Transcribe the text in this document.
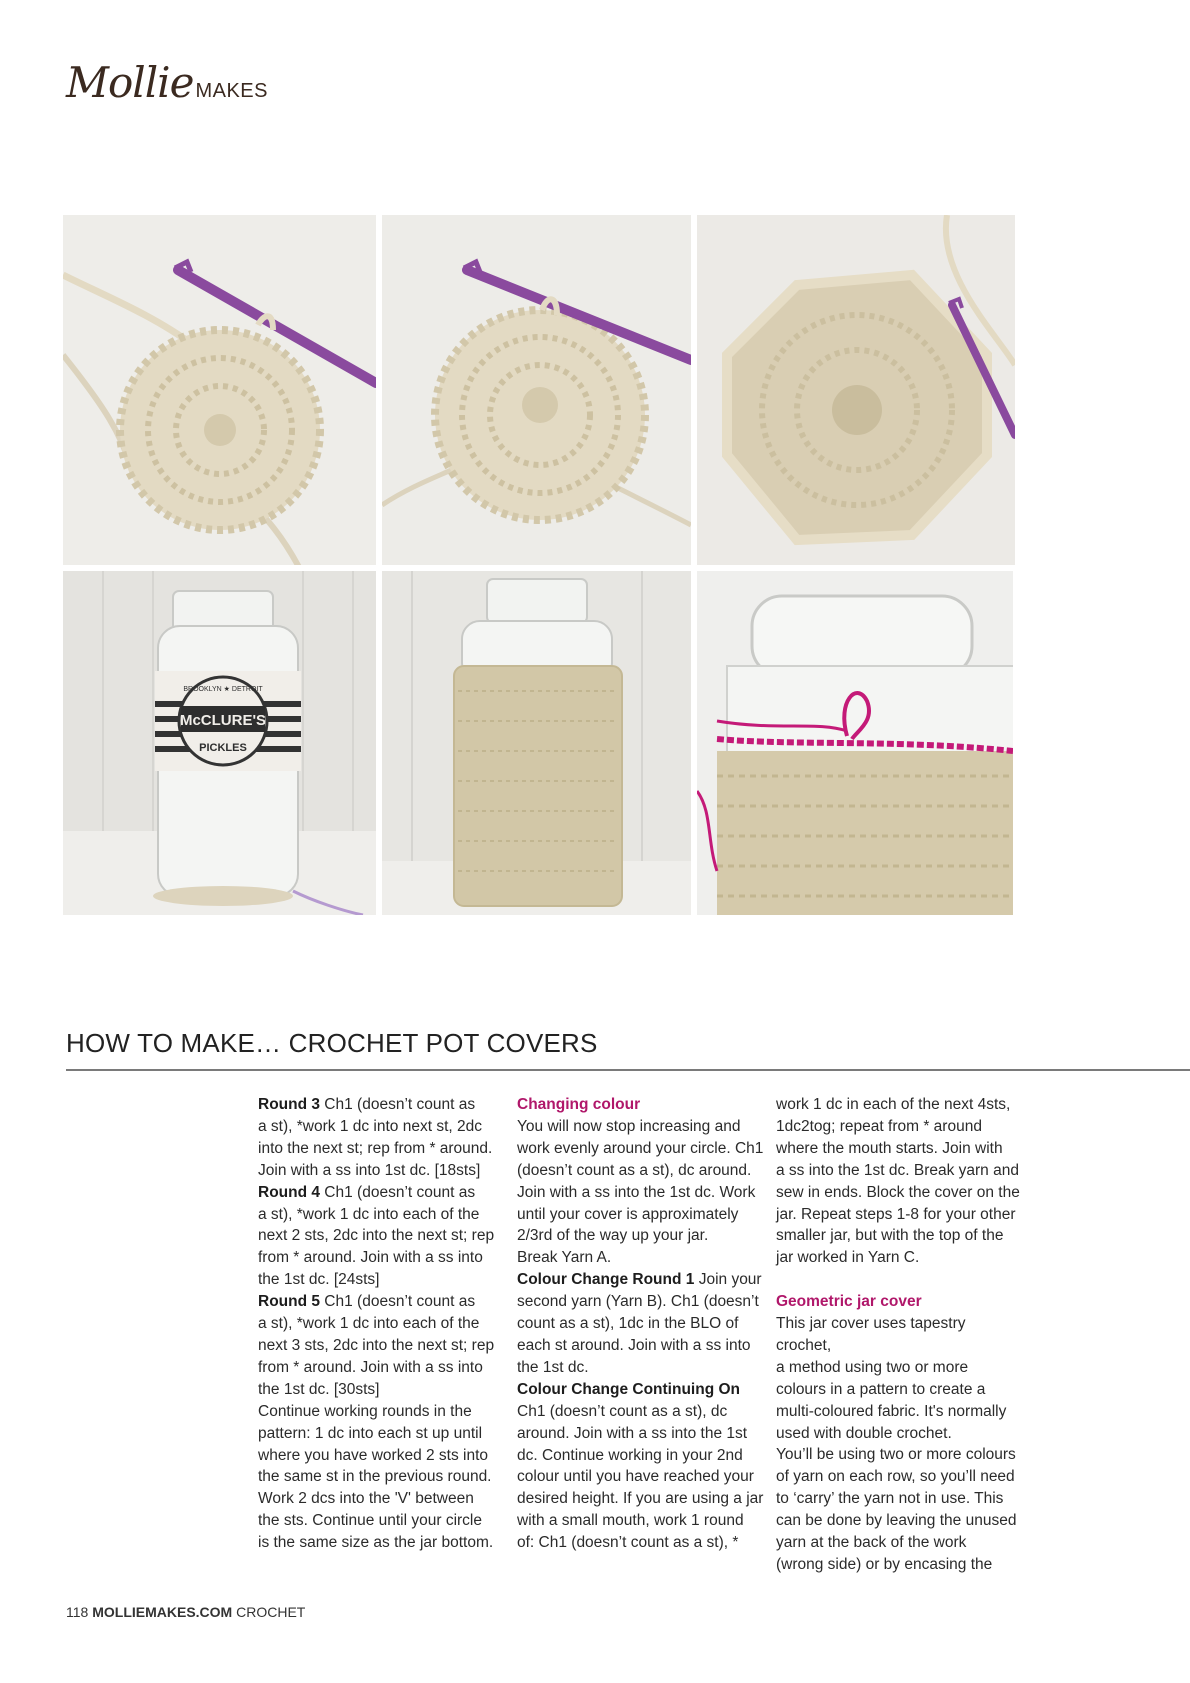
Mollie MAKES
McCLURE'S
PICKLES
BROOKLYN ★ DETROIT
HOW TO MAKE… CROCHET POT COVERS

Round 3 Ch1 (doesn’t count as

a st), *work 1 dc into next st, 2dc

into the next st; rep from * around.

Join with a ss into 1st dc. [18sts]

Round 4 Ch1 (doesn’t count as

a st), *work 1 dc into each of the

next 2 sts, 2dc into the next st; rep

from * around. Join with a ss into

the 1st dc. [24sts]

Round 5 Ch1 (doesn’t count as

a st), *work 1 dc into each of the

next 3 sts, 2dc into the next st; rep

from * around. Join with a ss into

the 1st dc. [30sts]

Continue working rounds in the

pattern: 1 dc into each st up until

where you have worked 2 sts into

the same st in the previous round.

Work 2 dcs into the 'V' between

the sts. Continue until your circle

is the same size as the jar bottom.

Changing colour

You will now stop increasing and

work evenly around your circle. Ch1

(doesn’t count as a st), dc around.

Join with a ss into the 1st dc. Work

until your cover is approximately

2/3rd of the way up your jar.

Break Yarn A.

Colour Change Round 1 Join your

second yarn (Yarn B). Ch1 (doesn’t

count as a st), 1dc in the BLO of

each st around. Join with a ss into

the 1st dc.

Colour Change Continuing On

Ch1 (doesn’t count as a st), dc

around. Join with a ss into the 1st

dc. Continue working in your 2nd

colour until you have reached your

desired height. If you are using a jar

with a small mouth, work 1 round

of: Ch1 (doesn’t count as a st), *

work 1 dc in each of the next 4sts,

1dc2tog; repeat from * around

where the mouth starts. Join with

a ss into the 1st dc. Break yarn and

sew in ends. Block the cover on the

jar. Repeat steps 1-8 for your other

smaller jar, but with the top of the

jar worked in Yarn C.

Geometric jar cover

This jar cover uses tapestry crochet,

a method using two or more

colours in a pattern to create a

multi-coloured fabric. It's normally

used with double crochet.

You’ll be using two or more colours

of yarn on each row, so you’ll need

to ‘carry’ the yarn not in use. This

can be done by leaving the unused

yarn at the back of the work

(wrong side) or by encasing the

118 MOLLIEMAKES.COM CROCHET
